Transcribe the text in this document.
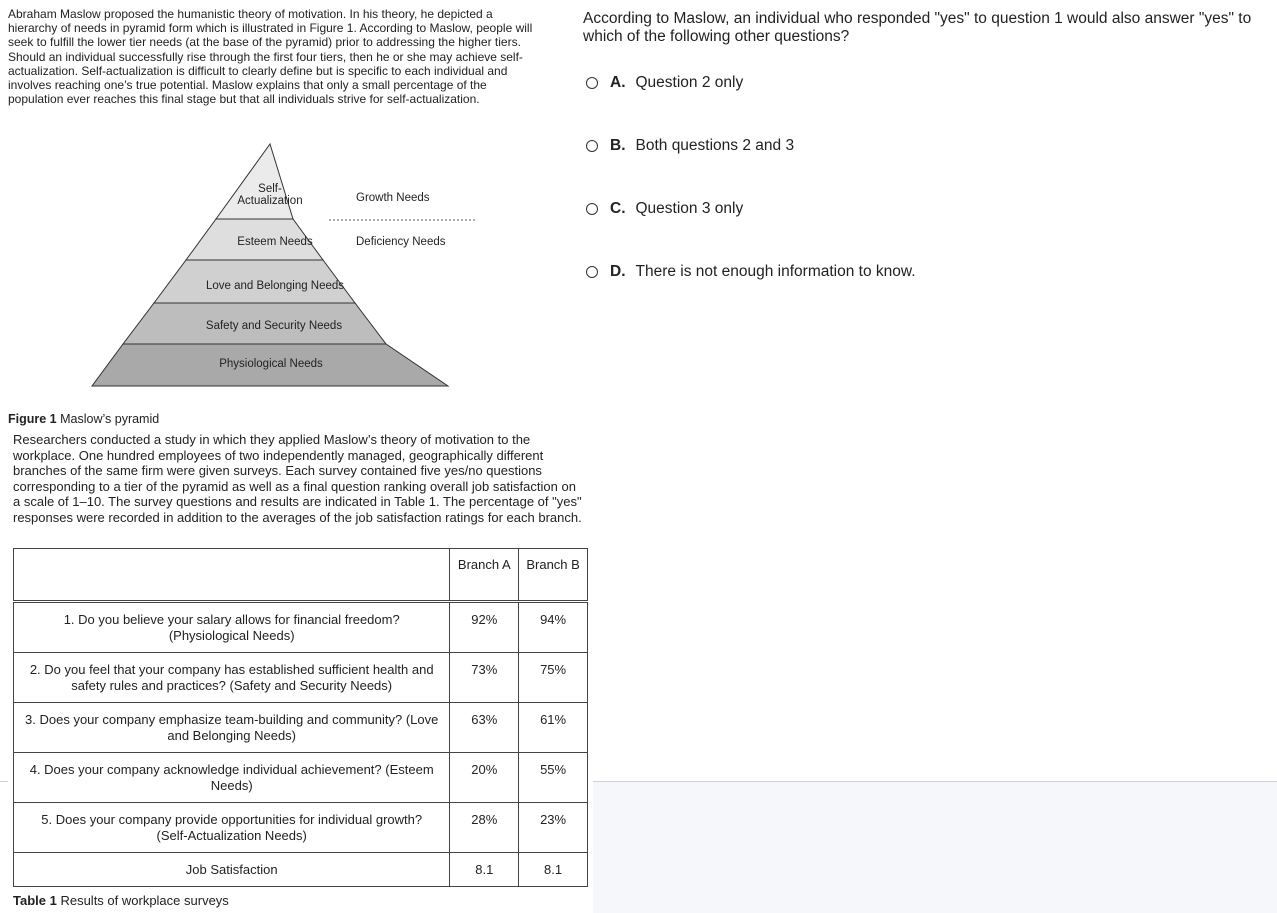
Abraham Maslow proposed the humanistic theory of motivation. In his theory, he depicted a hierarchy of needs in pyramid form which is illustrated in Figure 1. According to Maslow, people will seek to fulfill the lower tier needs (at the base of the pyramid) prior to addressing the higher tiers. Should an individual successfully rise through the first four tiers, then he or she may achieve self-actualization. Self-actualization is difficult to clearly define but is specific to each individual and involves reaching one’s true potential. Maslow explains that only a small percentage of the population ever reaches this final stage but that all individuals strive for self-actualization.

Self-
Actualization
Esteem Needs
Love and Belonging Needs
Safety and Security Needs
Physiological Needs
Growth Needs
Deficiency Needs

Figure 1 Maslow’s pyramid

Researchers conducted a study in which they applied Maslow’s theory of motivation to the workplace. One hundred employees of two independently managed, geographically different branches of the same firm were given surveys. Each survey contained five yes/no questions corresponding to a tier of the pyramid as well as a final question ranking overall job satisfaction on a scale of 1–10. The survey questions and results are indicated in Table 1. The percentage of "yes" responses were recorded in addition to the averages of the job satisfaction ratings for each branch.

	Branch A	Branch B
1. Do you believe your salary allows for financial freedom? (Physiological Needs)	92%	94%
2. Do you feel that your company has established sufficient health and safety rules and practices? (Safety and Security Needs)	73%	75%
3. Does your company emphasize team-building and community? (Love and Belonging Needs)	63%	61%
4. Does your company acknowledge individual achievement? (Esteem Needs)	20%	55%
5. Does your company provide opportunities for individual growth? (Self-Actualization Needs)	28%	23%
Job Satisfaction	8.1	8.1

Table 1 Results of workplace surveys

According to Maslow, an individual who responded "yes" to question 1 would also answer "yes" to which of the following other questions?

A. Question 2 only
B. Both questions 2 and 3
C. Question 3 only
D. There is not enough information to know.
